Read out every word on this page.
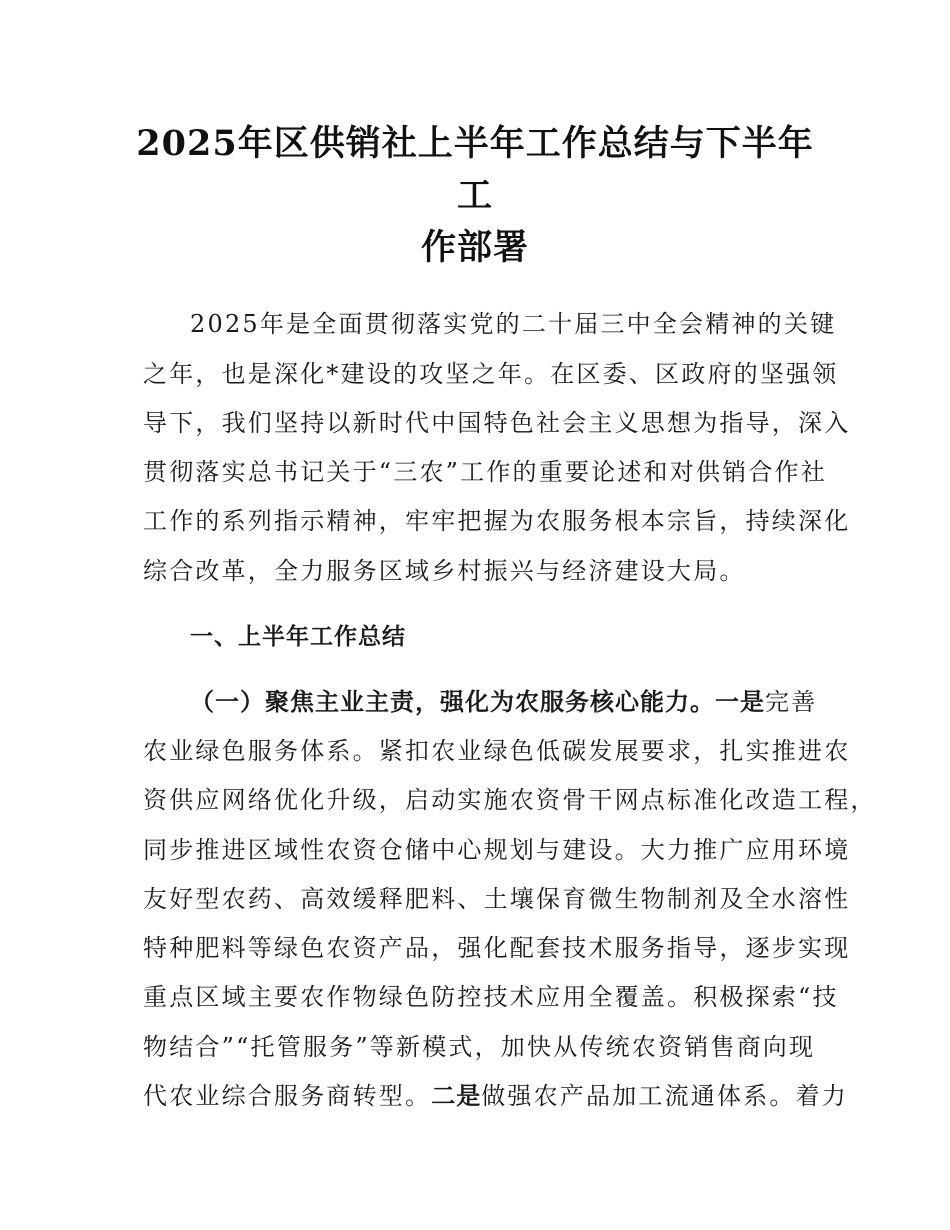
2025年区供销社上半年工作总结与下半年工
作部署
2025年是全面贯彻落实党的二十届三中全会精神的关键
之年，也是深化*建设的攻坚之年。在区委、区政府的坚强领
导下，我们坚持以新时代中国特色社会主义思想为指导，深入
贯彻落实总书记关于“三农”工作的重要论述和对供销合作社
工作的系列指示精神，牢牢把握为农服务根本宗旨，持续深化
综合改革，全力服务区域乡村振兴与经济建设大局。
一、上半年工作总结
（一）聚焦主业主责，强化为农服务核心能力。一是完善
农业绿色服务体系。紧扣农业绿色低碳发展要求，扎实推进农
资供应网络优化升级，启动实施农资骨干网点标准化改造工程，
同步推进区域性农资仓储中心规划与建设。大力推广应用环境
友好型农药、高效缓释肥料、土壤保育微生物制剂及全水溶性
特种肥料等绿色农资产品，强化配套技术服务指导，逐步实现
重点区域主要农作物绿色防控技术应用全覆盖。积极探索“技
物结合”“托管服务”等新模式，加快从传统农资销售商向现
代农业综合服务商转型。二是做强农产品加工流通体系。着力
